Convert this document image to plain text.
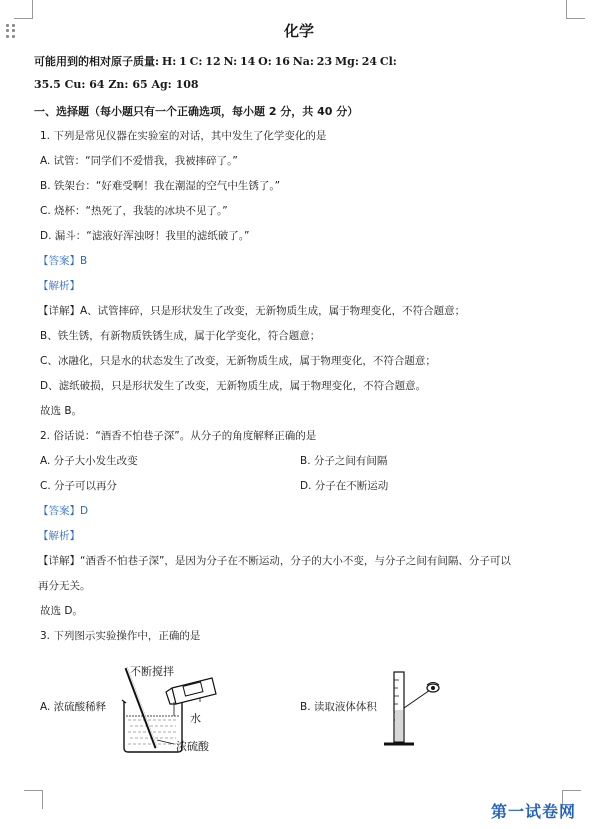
化学
可能用到的相对原子质量: H: 1 C: 12 N: 14 O: 16 Na: 23 Mg: 24 Cl:
35.5 Cu: 64 Zn: 65 Ag: 108
一、选择题（每小题只有一个正确选项，每小题 2 分，共 40 分）
1. 下列是常见仪器在实验室的对话，其中发生了化学变化的是
A. 试管：“同学们不爱惜我，我被摔碎了。”
B. 铁架台：“好难受啊！我在潮湿的空气中生锈了。”
C. 烧杯：“热死了，我装的冰块不见了。”
D. 漏斗：“滤液好浑浊呀！我里的滤纸破了。”
【答案】B
【解析】
【详解】A、试管摔碎，只是形状发生了改变，无新物质生成，属于物理变化，不符合题意；
B、铁生锈，有新物质铁锈生成，属于化学变化，符合题意；
C、冰融化，只是水的状态发生了改变，无新物质生成，属于物理变化，不符合题意；
D、滤纸破损，只是形状发生了改变，无新物质生成，属于物理变化，不符合题意。
故选 B。
2. 俗话说：“酒香不怕巷子深”。从分子的角度解释正确的是
A. 分子大小发生改变	B. 分子之间有间隔
C. 分子可以再分	D. 分子在不断运动
【答案】D
【解析】
【详解】“酒香不怕巷子深”，是因为分子在不断运动，分子的大小不变，与分子之间有间隔、分子可以
再分无关。
故选 D。
3. 下列图示实验操作中，正确的是
A. 浓硫酸稀释	B. 读取液体体积
不断搅拌
水
浓硫酸
第一试卷网
